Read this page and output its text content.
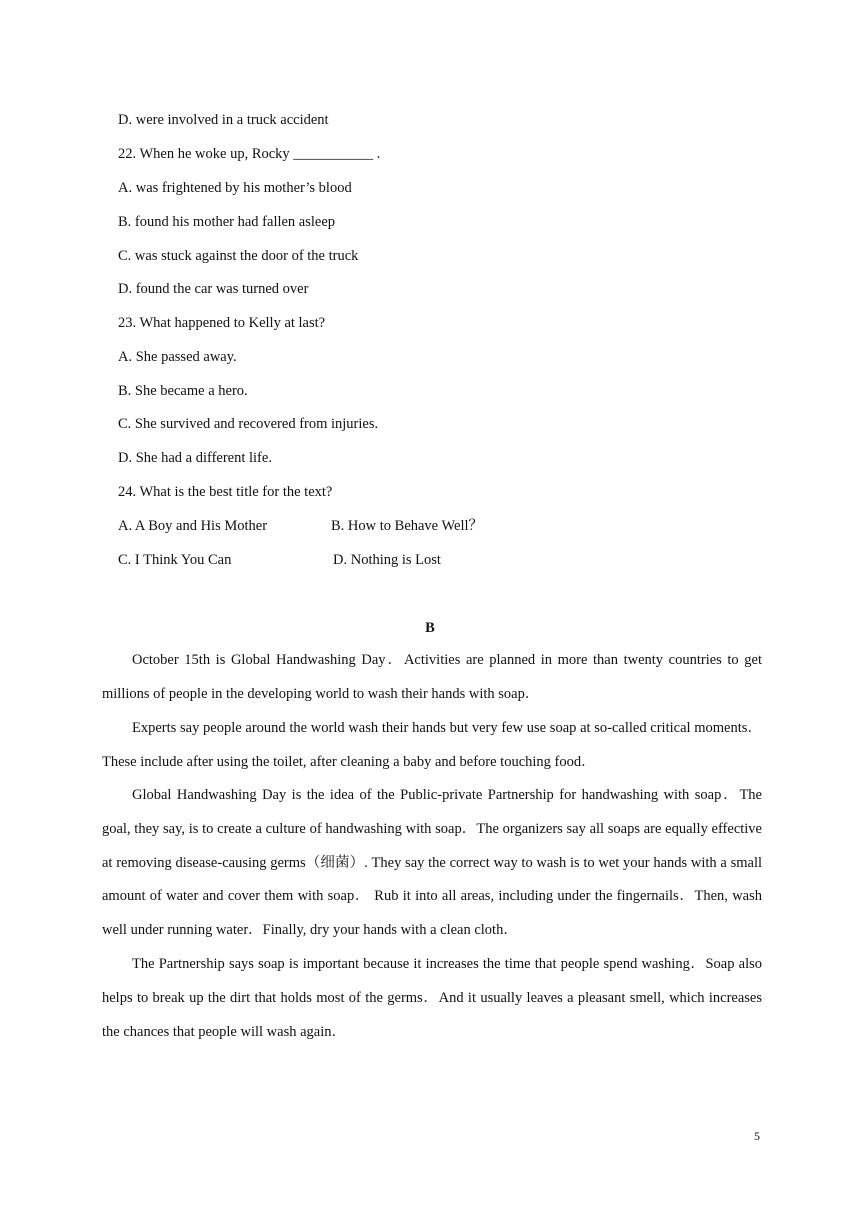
D. were involved in a truck accident
22. When he woke up, Rocky ___________ .
A. was frightened by his mother’s blood
B. found his mother had fallen asleep
C. was stuck against the door of the truck
D. found the car was turned over
23. What happened to Kelly at last?
A. She passed away.
B. She became a hero.
C. She survived and recovered from injuries.
D. She had a different life.
24. What is the best title for the text?
A. A Boy and His Mother	B. How to Behave Well？
C. I Think You Can	D. Nothing is Lost
B

October 15th is Global Handwashing Day．Activities are planned in more than twenty countries to get millions of people in the developing world to wash their hands with soap．

Experts say people around the world wash their hands but very few use soap at so-called critical moments．These include after using the toilet, after cleaning a baby and before touching food．

Global Handwashing Day is the idea of the Public-private Partnership for handwashing with soap．The goal, they say, is to create a culture of handwashing with soap．The organizers say all soaps are equally effective at removing disease-causing germs（细菌）. They say the correct way to wash is to wet your hands with a small amount of water and cover them with soap． Rub it into all areas, including under the fingernails．Then, wash well under running water．Finally, dry your hands with a clean cloth．

The Partnership says soap is important because it increases the time that people spend washing．Soap also helps to break up the dirt that holds most of the germs．And it usually leaves a pleasant smell, which increases the chances that people will wash again．

5
